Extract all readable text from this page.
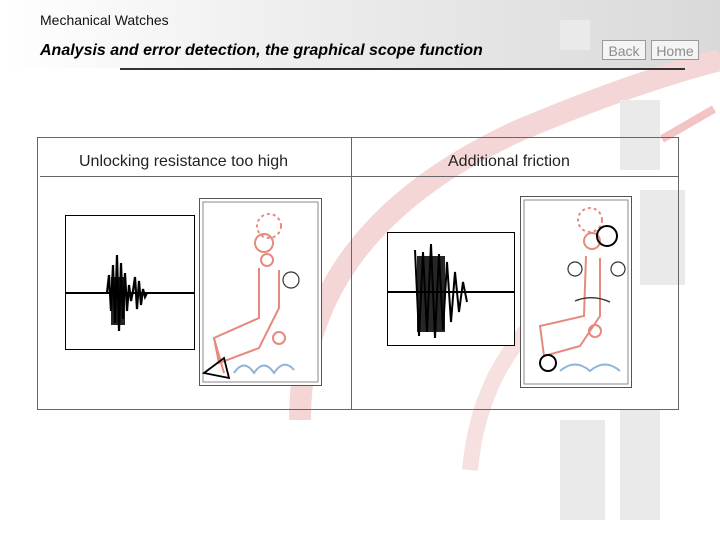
Mechanical Watches
Analysis and error detection, the graphical scope function	Back	Home
Unlocking resistance too high	Additional friction
